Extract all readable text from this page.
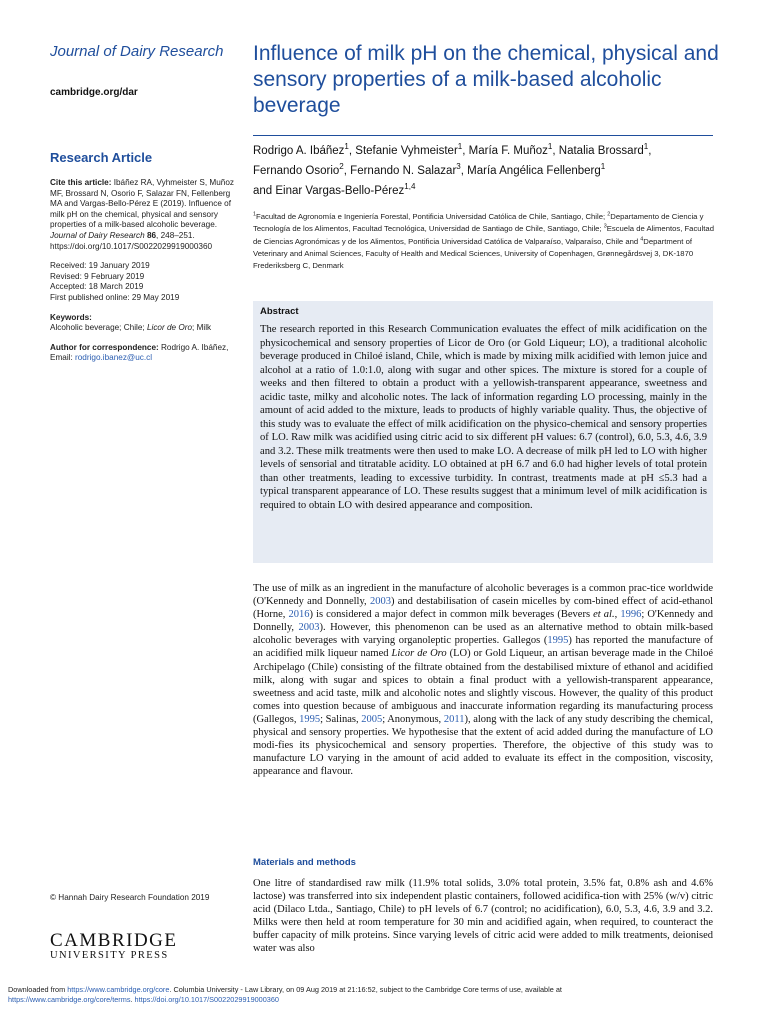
Journal of Dairy Research
cambridge.org/dar
Research Article

Cite this article: Ibáñez RA, Vyhmeister S, Muñoz MF, Brossard N, Osorio F, Salazar FN, Fellenberg MA and Vargas-Bello-Pérez E (2019). Influence of milk pH on the chemical, physical and sensory properties of a milk-based alcoholic beverage. Journal of Dairy Research 86, 248–251. https://doi.org/10.1017/S0022029919000360

Received: 19 January 2019
Revised: 9 February 2019
Accepted: 18 March 2019
First published online: 29 May 2019

Keywords:
Alcoholic beverage; Chile; Licor de Oro; Milk

Author for correspondence: Rodrigo A. Ibáñez, Email: rodrigo.ibanez@uc.cl

Influence of milk pH on the chemical, physical and sensory properties of a milk-based alcoholic beverage
Rodrigo A. Ibáñez$^1$, Stefanie Vyhmeister$^1$, María F. Muñoz$^1$, Natalia Brossard$^1$,
Fernando Osorio$^2$, Fernando N. Salazar$^3$, María Angélica Fellenberg$^1$
and Einar Vargas-Bello-Pérez$^{1,4}$
$^1$Facultad de Agronomía e Ingeniería Forestal, Pontificia Universidad Católica de Chile, Santiago, Chile; $^2$Departamento de Ciencia y Tecnología de los Alimentos, Facultad Tecnológica, Universidad de Santiago de Chile, Santiago, Chile; $^3$Escuela de Alimentos, Facultad de Ciencias Agronómicas y de los Alimentos, Pontificia Universidad Católica de Valparaíso, Valparaíso, Chile and $^4$Department of Veterinary and Animal Sciences, Faculty of Health and Medical Sciences, University of Copenhagen, Grønnegårdsvej 3, DK-1870 Frederiksberg C, Denmark
Abstract
The research reported in this Research Communication evaluates the effect of milk acidification on the physicochemical and sensory properties of Licor de Oro (or Gold Liqueur; LO), a traditional alcoholic beverage produced in Chiloé island, Chile, which is made by mixing milk acidified with lemon juice and alcohol at a ratio of 1.0:1.0, along with sugar and other spices. The mixture is stored for a couple of weeks and then filtered to obtain a product with a yellowish-transparent appearance, sweetness and acidic taste, milky and alcoholic notes. The lack of information regarding LO processing, mainly in the amount of acid added to the mixture, leads to products of highly variable quality. Thus, the objective of this study was to evaluate the effect of milk acidification on the physico-chemical and sensory properties of LO. Raw milk was acidified using citric acid to six different pH values: 6.7 (control), 6.0, 5.3, 4.6, 3.9 and 3.2. These milk treatments were then used to make LO. A decrease of milk pH led to LO with higher levels of sensorial and titratable acidity. LO obtained at pH 6.7 and 6.0 had higher levels of total protein than other treatments, leading to excessive turbidity. In contrast, treatments made at pH ≤5.3 had a typical transparent appearance of LO. These results suggest that a minimum level of milk acidification is required to obtain LO with desired appearance and composition.
The use of milk as an ingredient in the manufacture of alcoholic beverages is a common prac-tice worldwide (O'Kennedy and Donnelly, 2003) and destabilisation of casein micelles by com-bined effect of acid-ethanol (Horne, 2016) is considered a major defect in common milk beverages (Bevers et al., 1996; O'Kennedy and Donnelly, 2003). However, this phenomenon can be used as an alternative method to obtain milk-based alcoholic beverages with varying organoleptic properties. Gallegos (1995) has reported the manufacture of an acidified milk liqueur named Licor de Oro (LO) or Gold Liqueur, an artisan beverage made in the Chiloé Archipelago (Chile) consisting of the filtrate obtained from the destabilised mixture of ethanol and acidified milk, along with sugar and spices to obtain a final product with a yellowish-transparent appearance, sweetness and acid taste, milk and alcoholic notes and slightly viscous. However, the quality of this product comes into question because of ambiguous and inaccurate information regarding its manufacturing process (Gallegos, 1995; Salinas, 2005; Anonymous, 2011), along with the lack of any study describing the chemical, physical and sensory properties. We hypothesise that the extent of acid added during the manufacture of LO modi-fies its physicochemical and sensory properties. Therefore, the objective of this study was to manufacture LO varying in the amount of acid added to evaluate its effect in the composition, viscosity, appearance and flavour.
Materials and methods
One litre of standardised raw milk (11.9% total solids, 3.0% total protein, 3.5% fat, 0.8% ash and 4.6% lactose) was transferred into six independent plastic containers, followed acidifica-tion with 25% (w/v) citric acid (Dilaco Ltda., Santiago, Chile) to pH levels of 6.7 (control; no acidification), 6.0, 5.3, 4.6, 3.9 and 3.2. Milks were then held at room temperature for 30 min and acidified again, when required, to counteract the buffer capacity of milk proteins. Since varying levels of citric acid were added to milk treatments, deionised water was also
© Hannah Dairy Research Foundation 2019
CAMBRIDGE
UNIVERSITY PRESS
Downloaded from https://www.cambridge.org/core. Columbia University - Law Library, on 09 Aug 2019 at 21:16:52, subject to the Cambridge Core terms of use, available at
https://www.cambridge.org/core/terms. https://doi.org/10.1017/S0022029919000360
